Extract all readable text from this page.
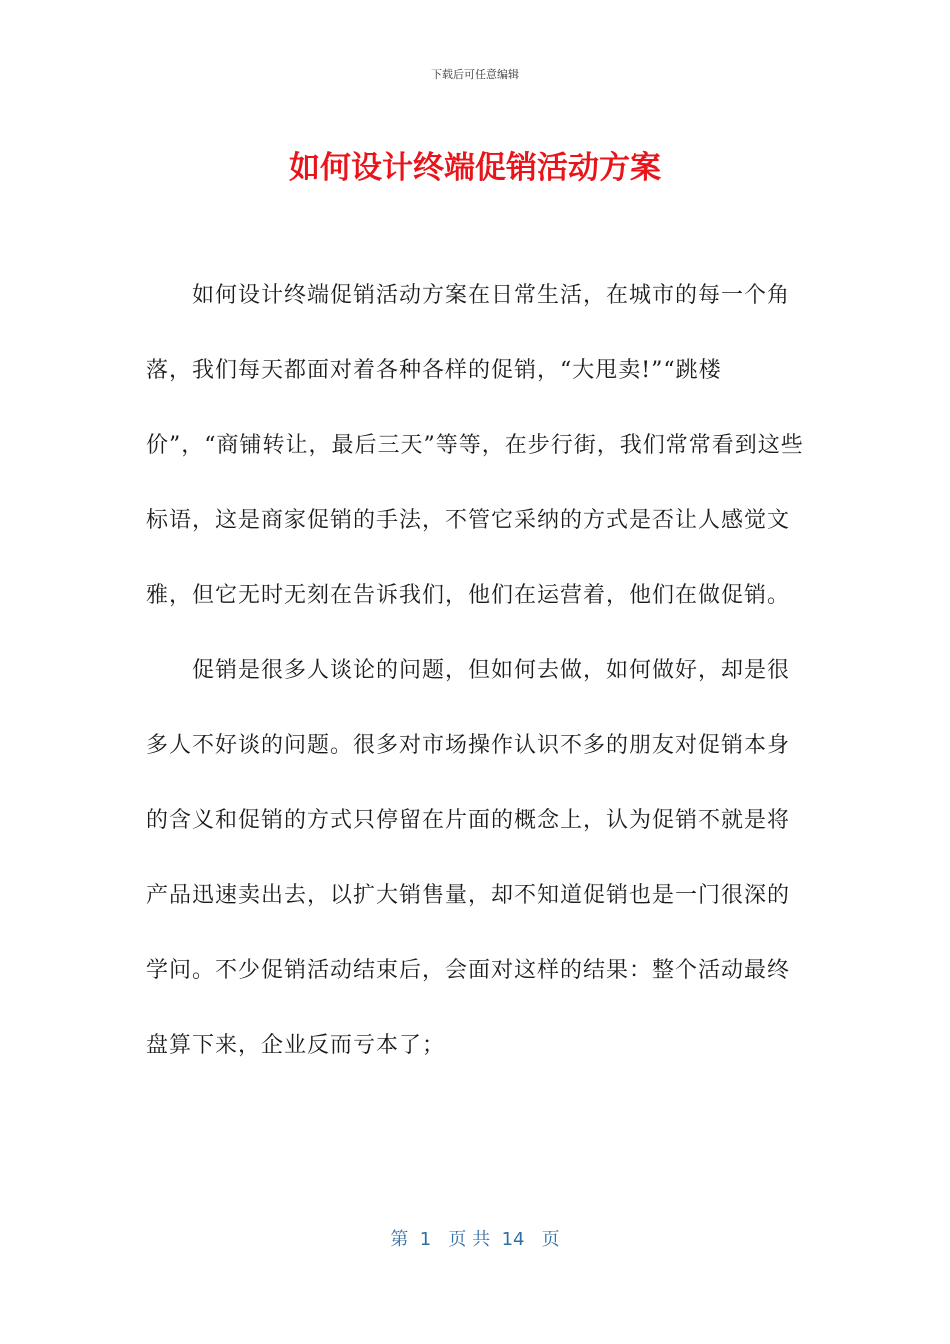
下载后可任意编辑
如何设计终端促销活动方案

如何设计终端促销活动方案在日常生活，在城市的每一个角落，我们每天都面对着各种各样的促销，“大甩卖!”“跳楼价”，“商铺转让，最后三天”等等，在步行街，我们常常看到这些标语，这是商家促销的手法，不管它采纳的方式是否让人感觉文雅，但它无时无刻在告诉我们，他们在运营着，他们在做促销。

促销是很多人谈论的问题，但如何去做，如何做好，却是很多人不好谈的问题。很多对市场操作认识不多的朋友对促销本身的含义和促销的方式只停留在片面的概念上，认为促销不就是将产品迅速卖出去，以扩大销售量，却不知道促销也是一门很深的学问。不少促销活动结束后，会面对这样的结果：整个活动最终盘算下来，企业反而亏本了；

第  1   页 共  14   页
